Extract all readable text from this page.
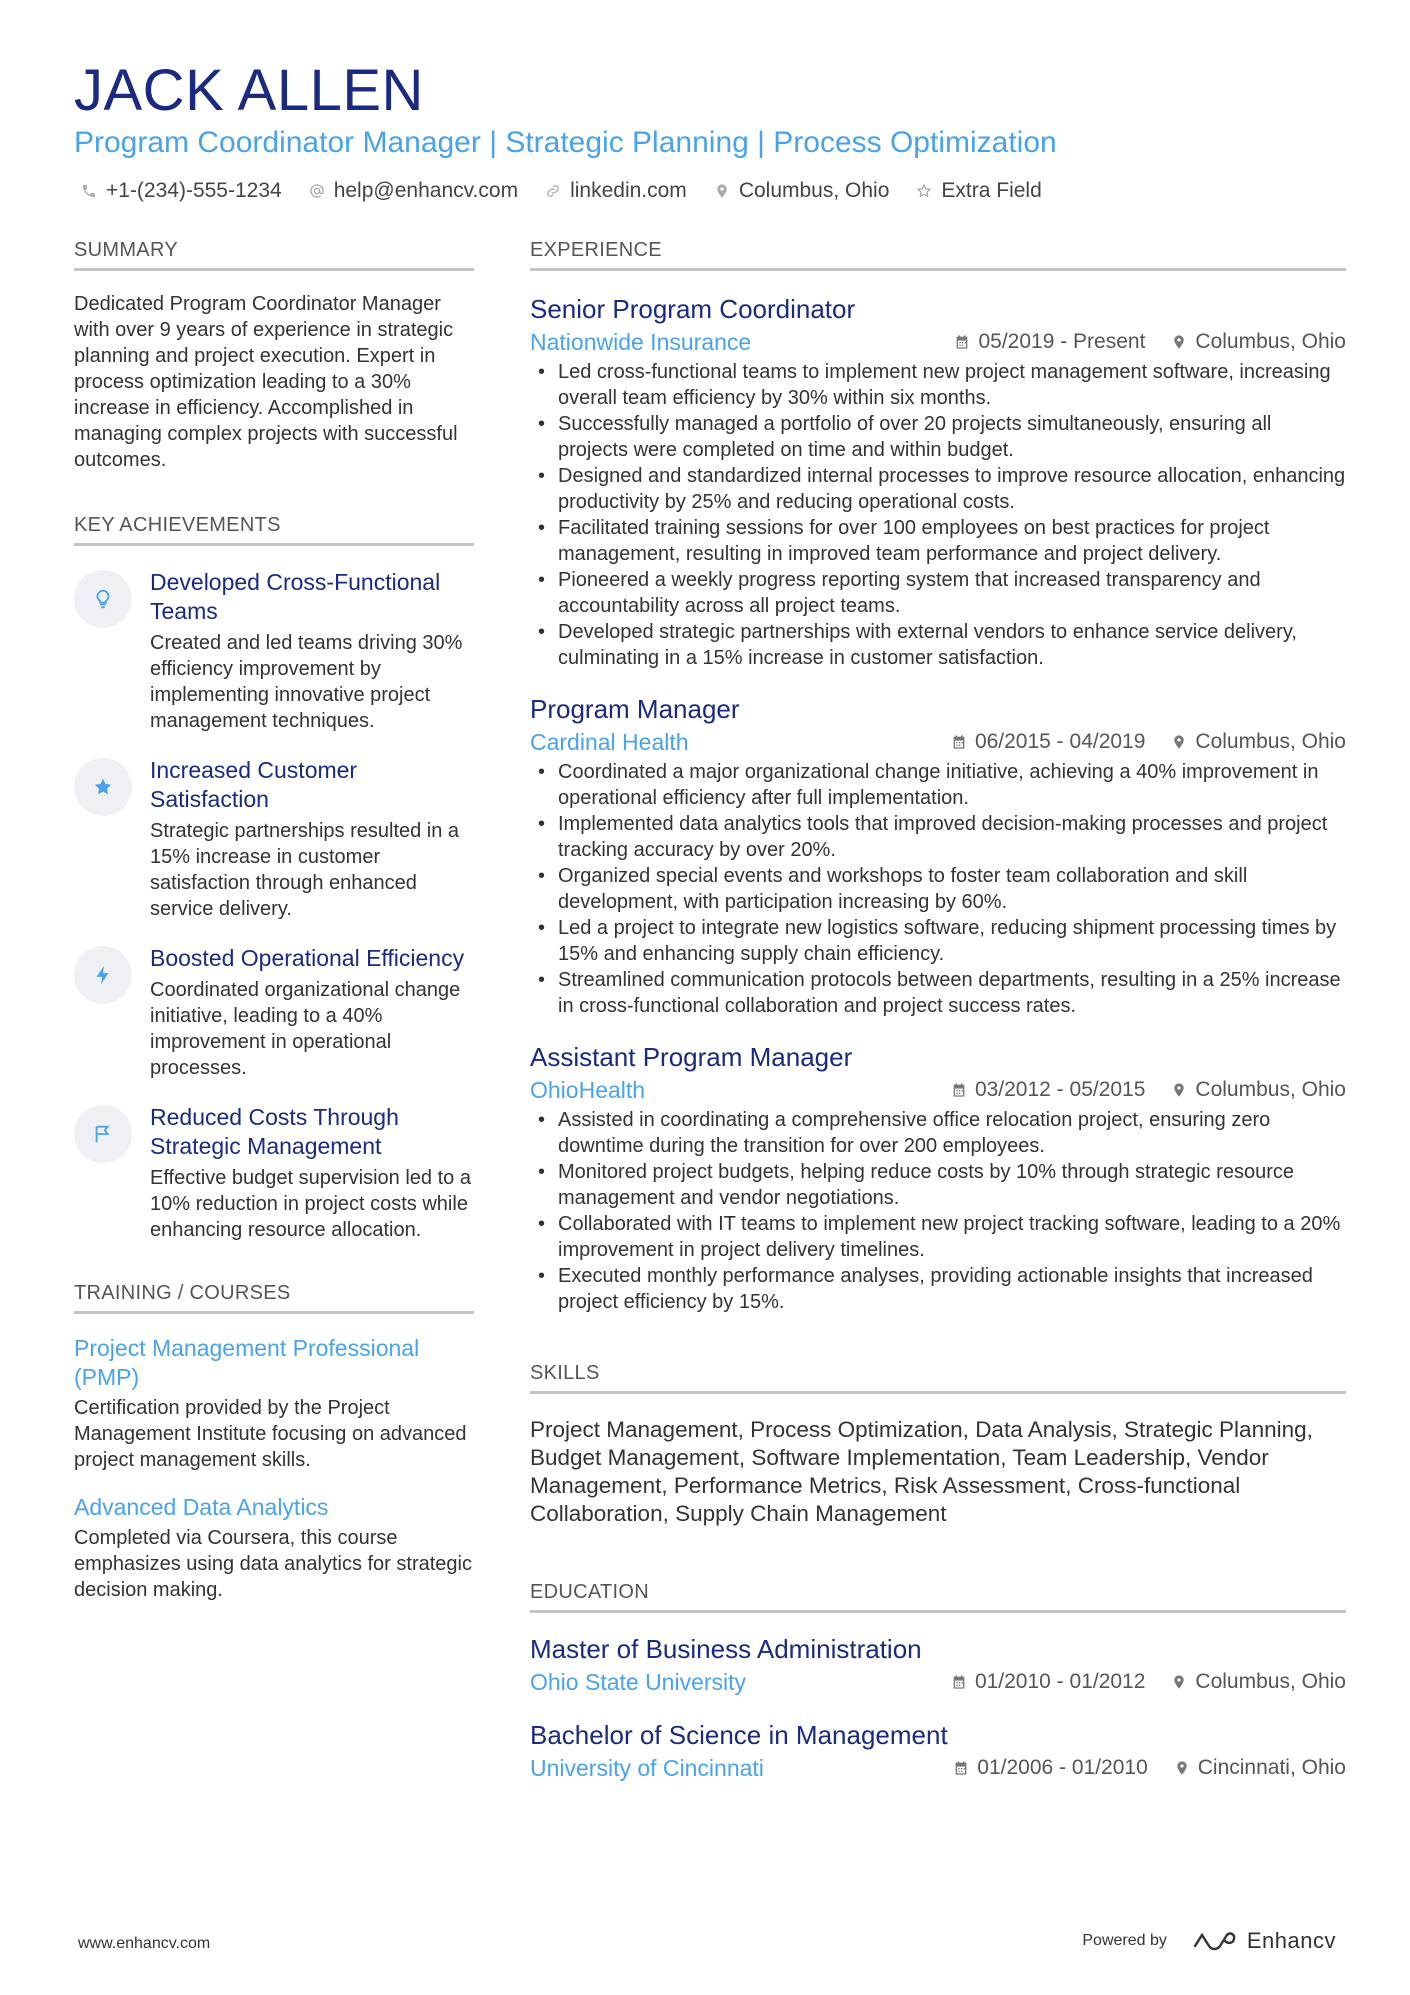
JACK ALLEN
Program Coordinator Manager | Strategic Planning | Process Optimization
+1-(234)-555-1234 help@enhancv.com linkedin.com Columbus, Ohio Extra Field
SUMMARY
Dedicated Program Coordinator Manager with over 9 years of experience in strategic planning and project execution. Expert in process optimization leading to a 30% increase in efficiency. Accomplished in managing complex projects with successful outcomes.
KEY ACHIEVEMENTS
Developed Cross-Functional Teams
Created and led teams driving 30% efficiency improvement by implementing innovative project management techniques.
Increased Customer Satisfaction
Strategic partnerships resulted in a 15% increase in customer satisfaction through enhanced service delivery.
Boosted Operational Efficiency
Coordinated organizational change initiative, leading to a 40% improvement in operational processes.
Reduced Costs Through Strategic Management
Effective budget supervision led to a 10% reduction in project costs while enhancing resource allocation.
TRAINING / COURSES
Project Management Professional (PMP)
Certification provided by the Project Management Institute focusing on advanced project management skills.
Advanced Data Analytics
Completed via Coursera, this course emphasizes using data analytics for strategic decision making.
EXPERIENCE
Senior Program Coordinator
Nationwide Insurance	05/2019 - Present Columbus, Ohio
• Led cross-functional teams to implement new project management software, increasing overall team efficiency by 30% within six months.
• Successfully managed a portfolio of over 20 projects simultaneously, ensuring all projects were completed on time and within budget.
• Designed and standardized internal processes to improve resource allocation, enhancing productivity by 25% and reducing operational costs.
• Facilitated training sessions for over 100 employees on best practices for project management, resulting in improved team performance and project delivery.
• Pioneered a weekly progress reporting system that increased transparency and accountability across all project teams.
• Developed strategic partnerships with external vendors to enhance service delivery, culminating in a 15% increase in customer satisfaction.
Program Manager
Cardinal Health	06/2015 - 04/2019 Columbus, Ohio
• Coordinated a major organizational change initiative, achieving a 40% improvement in operational efficiency after full implementation.
• Implemented data analytics tools that improved decision-making processes and project tracking accuracy by over 20%.
• Organized special events and workshops to foster team collaboration and skill development, with participation increasing by 60%.
• Led a project to integrate new logistics software, reducing shipment processing times by 15% and enhancing supply chain efficiency.
• Streamlined communication protocols between departments, resulting in a 25% increase in cross-functional collaboration and project success rates.
Assistant Program Manager
OhioHealth	03/2012 - 05/2015 Columbus, Ohio
• Assisted in coordinating a comprehensive office relocation project, ensuring zero downtime during the transition for over 200 employees.
• Monitored project budgets, helping reduce costs by 10% through strategic resource management and vendor negotiations.
• Collaborated with IT teams to implement new project tracking software, leading to a 20% improvement in project delivery timelines.
• Executed monthly performance analyses, providing actionable insights that increased project efficiency by 15%.
SKILLS
Project Management, Process Optimization, Data Analysis, Strategic Planning, Budget Management, Software Implementation, Team Leadership, Vendor Management, Performance Metrics, Risk Assessment, Cross-functional Collaboration, Supply Chain Management
EDUCATION
Master of Business Administration
Ohio State University	01/2010 - 01/2012 Columbus, Ohio
Bachelor of Science in Management
University of Cincinnati	01/2006 - 01/2010 Cincinnati, Ohio
www.enhancv.com	Powered by	Enhancv
